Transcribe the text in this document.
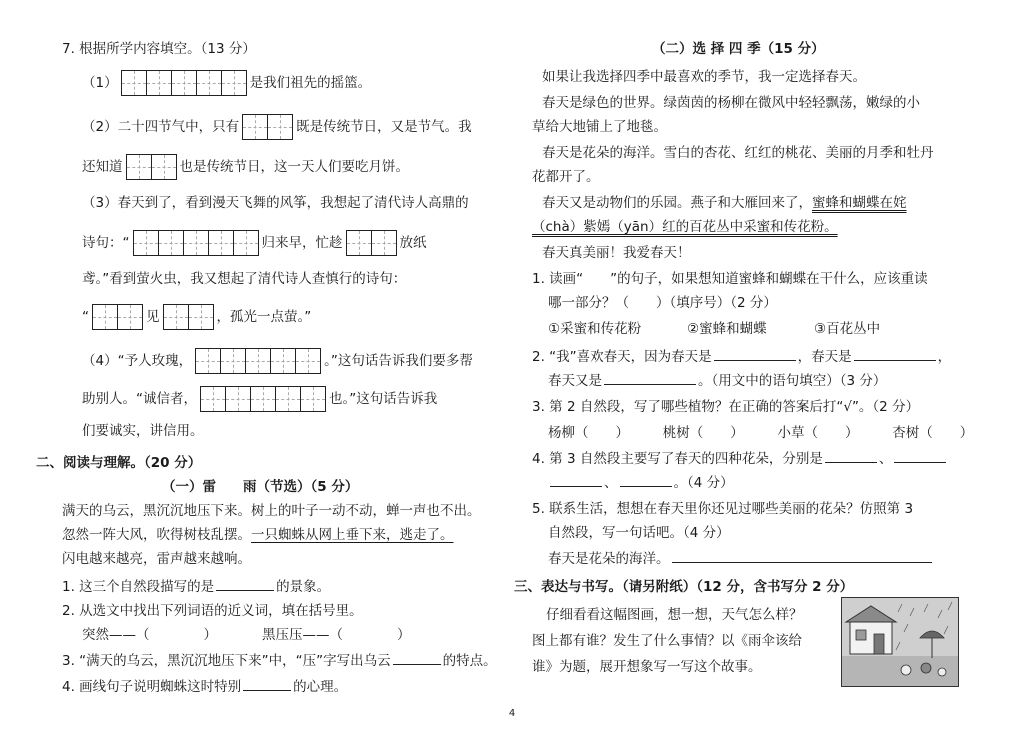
7. 根据所学内容填空。（13 分）
（1）	是我们祖先的摇篮。
（2）二十四节气中，只有	既是传统节日，又是节气。我
还知道	也是传统节日，这一天人们要吃月饼。
（3）春天到了，看到漫天飞舞的风筝，我想起了清代诗人高鼎的
诗句：“	归来早，忙趁	放纸
鸢。”看到萤火虫，我又想起了清代诗人查慎行的诗句：
“	见	，孤光一点萤。”
（4）“予人玫瑰，	。”这句话告诉我们要多帮
助别人。“诚信者，	也。”这句话告诉我
们要诚实，讲信用。
二、阅读与理解。（20 分）
（一）雷　　雨（节选）（5 分）
满天的乌云，黑沉沉地压下来。树上的叶子一动不动，蝉一声也不出。
忽然一阵大风，吹得树枝乱摆。一只蜘蛛从网上垂下来，逃走了。
闪电越来越亮，雷声越来越响。
1. 这三个自然段描写的是	的景象。
2. 从选文中找出下列词语的近义词，填在括号里。
突然——（　　　　）	黑压压——（　　　　）
3. “满天的乌云，黑沉沉地压下来”中，“压”字写出乌云	的特点。
4. 画线句子说明蜘蛛这时特别	的心理。
（二）选 择 四 季（15 分）
如果让我选择四季中最喜欢的季节，我一定选择春天。
春天是绿色的世界。绿茵茵的杨柳在微风中轻轻飘荡，嫩绿的小
草给大地铺上了地毯。
春天是花朵的海洋。雪白的杏花、红红的桃花、美丽的月季和牡丹
花都开了。
春天又是动物们的乐园。燕子和大雁回来了，蜜蜂和蝴蝶在姹
（chà）紫嫣（yān）红的百花丛中采蜜和传花粉。
春天真美丽！我爱春天！
1. 读画“　　”的句子，如果想知道蜜蜂和蝴蝶在干什么，应该重读
哪一部分？（　　）（填序号）（2 分）
①采蜜和传花粉	②蜜蜂和蝴蝶	③百花丛中
2. “我”喜欢春天，因为春天是	，春天是	，
春天又是	。（用文中的语句填空）（3 分）
3. 第 2 自然段，写了哪些植物？在正确的答案后打“√”。（2 分）
杨柳（　　）　　　桃树（　　）　　　小草（　　）　　　杏树（　　）
4. 第 3 自然段主要写了春天的四种花朵，分别是	、
、	。（4 分）
5. 联系生活，想想在春天里你还见过哪些美丽的花朵？仿照第 3
自然段，写一句话吧。（4 分）
春天是花朵的海洋。
三、表达与书写。（请另附纸）（12 分，含书写分 2 分）
仔细看看这幅图画，想一想，天气怎么样？
图上都有谁？发生了什么事情？以《雨伞该给
谁》为题，展开想象写一写这个故事。
4
